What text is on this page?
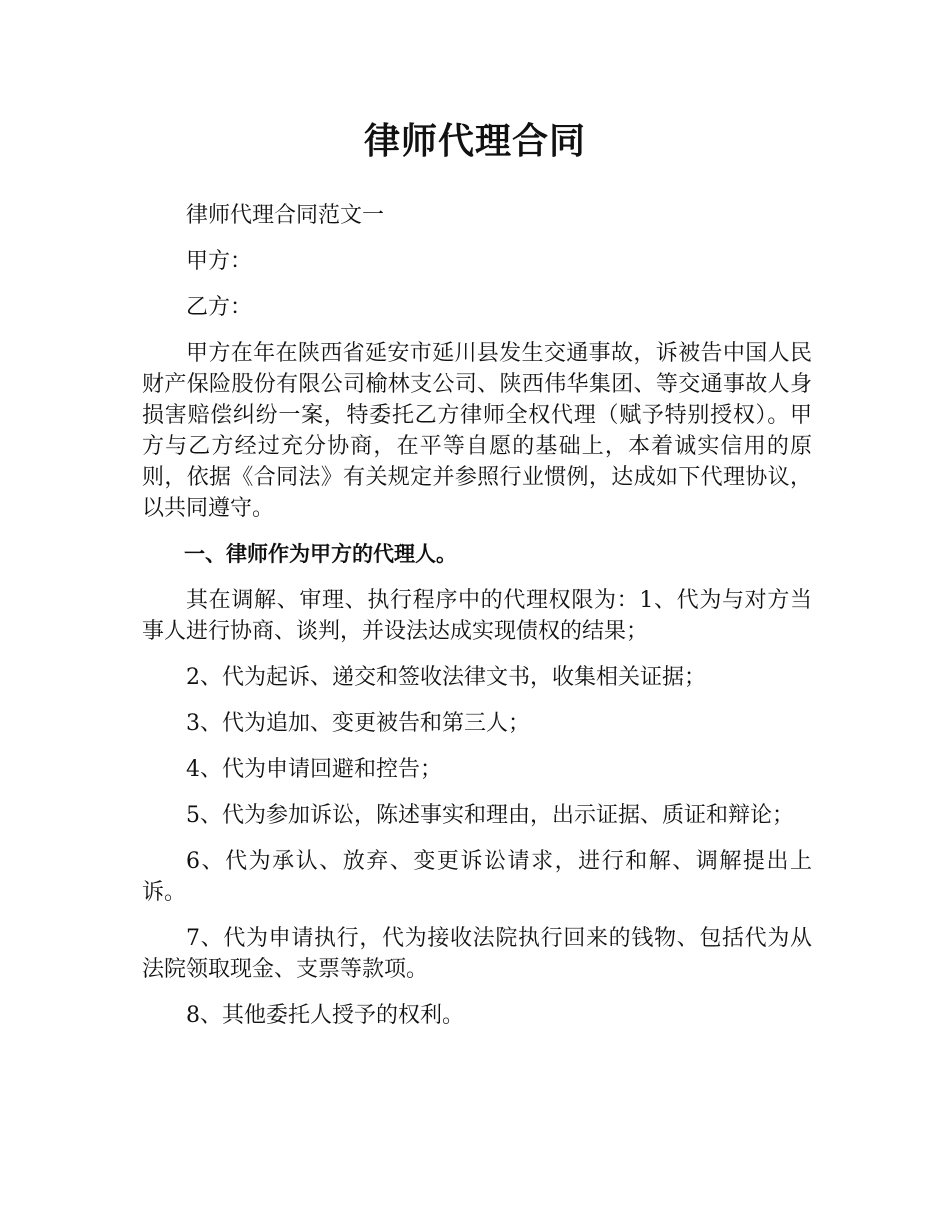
律师代理合同

律师代理合同范文一

甲方：

乙方：

甲方在年在陕西省延安市延川县发生交通事故，诉被告中国人民财产保险股份有限公司榆林支公司、陕西伟华集团、等交通事故人身损害赔偿纠纷一案，特委托乙方律师全权代理（赋予特别授权）。甲方与乙方经过充分协商，在平等自愿的基础上，本着诚实信用的原则，依据《合同法》有关规定并参照行业惯例，达成如下代理协议，以共同遵守。

一、律师作为甲方的代理人。

其在调解、审理、执行程序中的代理权限为：1、代为与对方当事人进行协商、谈判，并设法达成实现债权的结果；

2、代为起诉、递交和签收法律文书，收集相关证据；

3、代为追加、变更被告和第三人；

4、代为申请回避和控告；

5、代为参加诉讼，陈述事实和理由，出示证据、质证和辩论；

6、代为承认、放弃、变更诉讼请求，进行和解、调解提出上诉。

7、代为申请执行，代为接收法院执行回来的钱物、包括代为从法院领取现金、支票等款项。

8、其他委托人授予的权利。
